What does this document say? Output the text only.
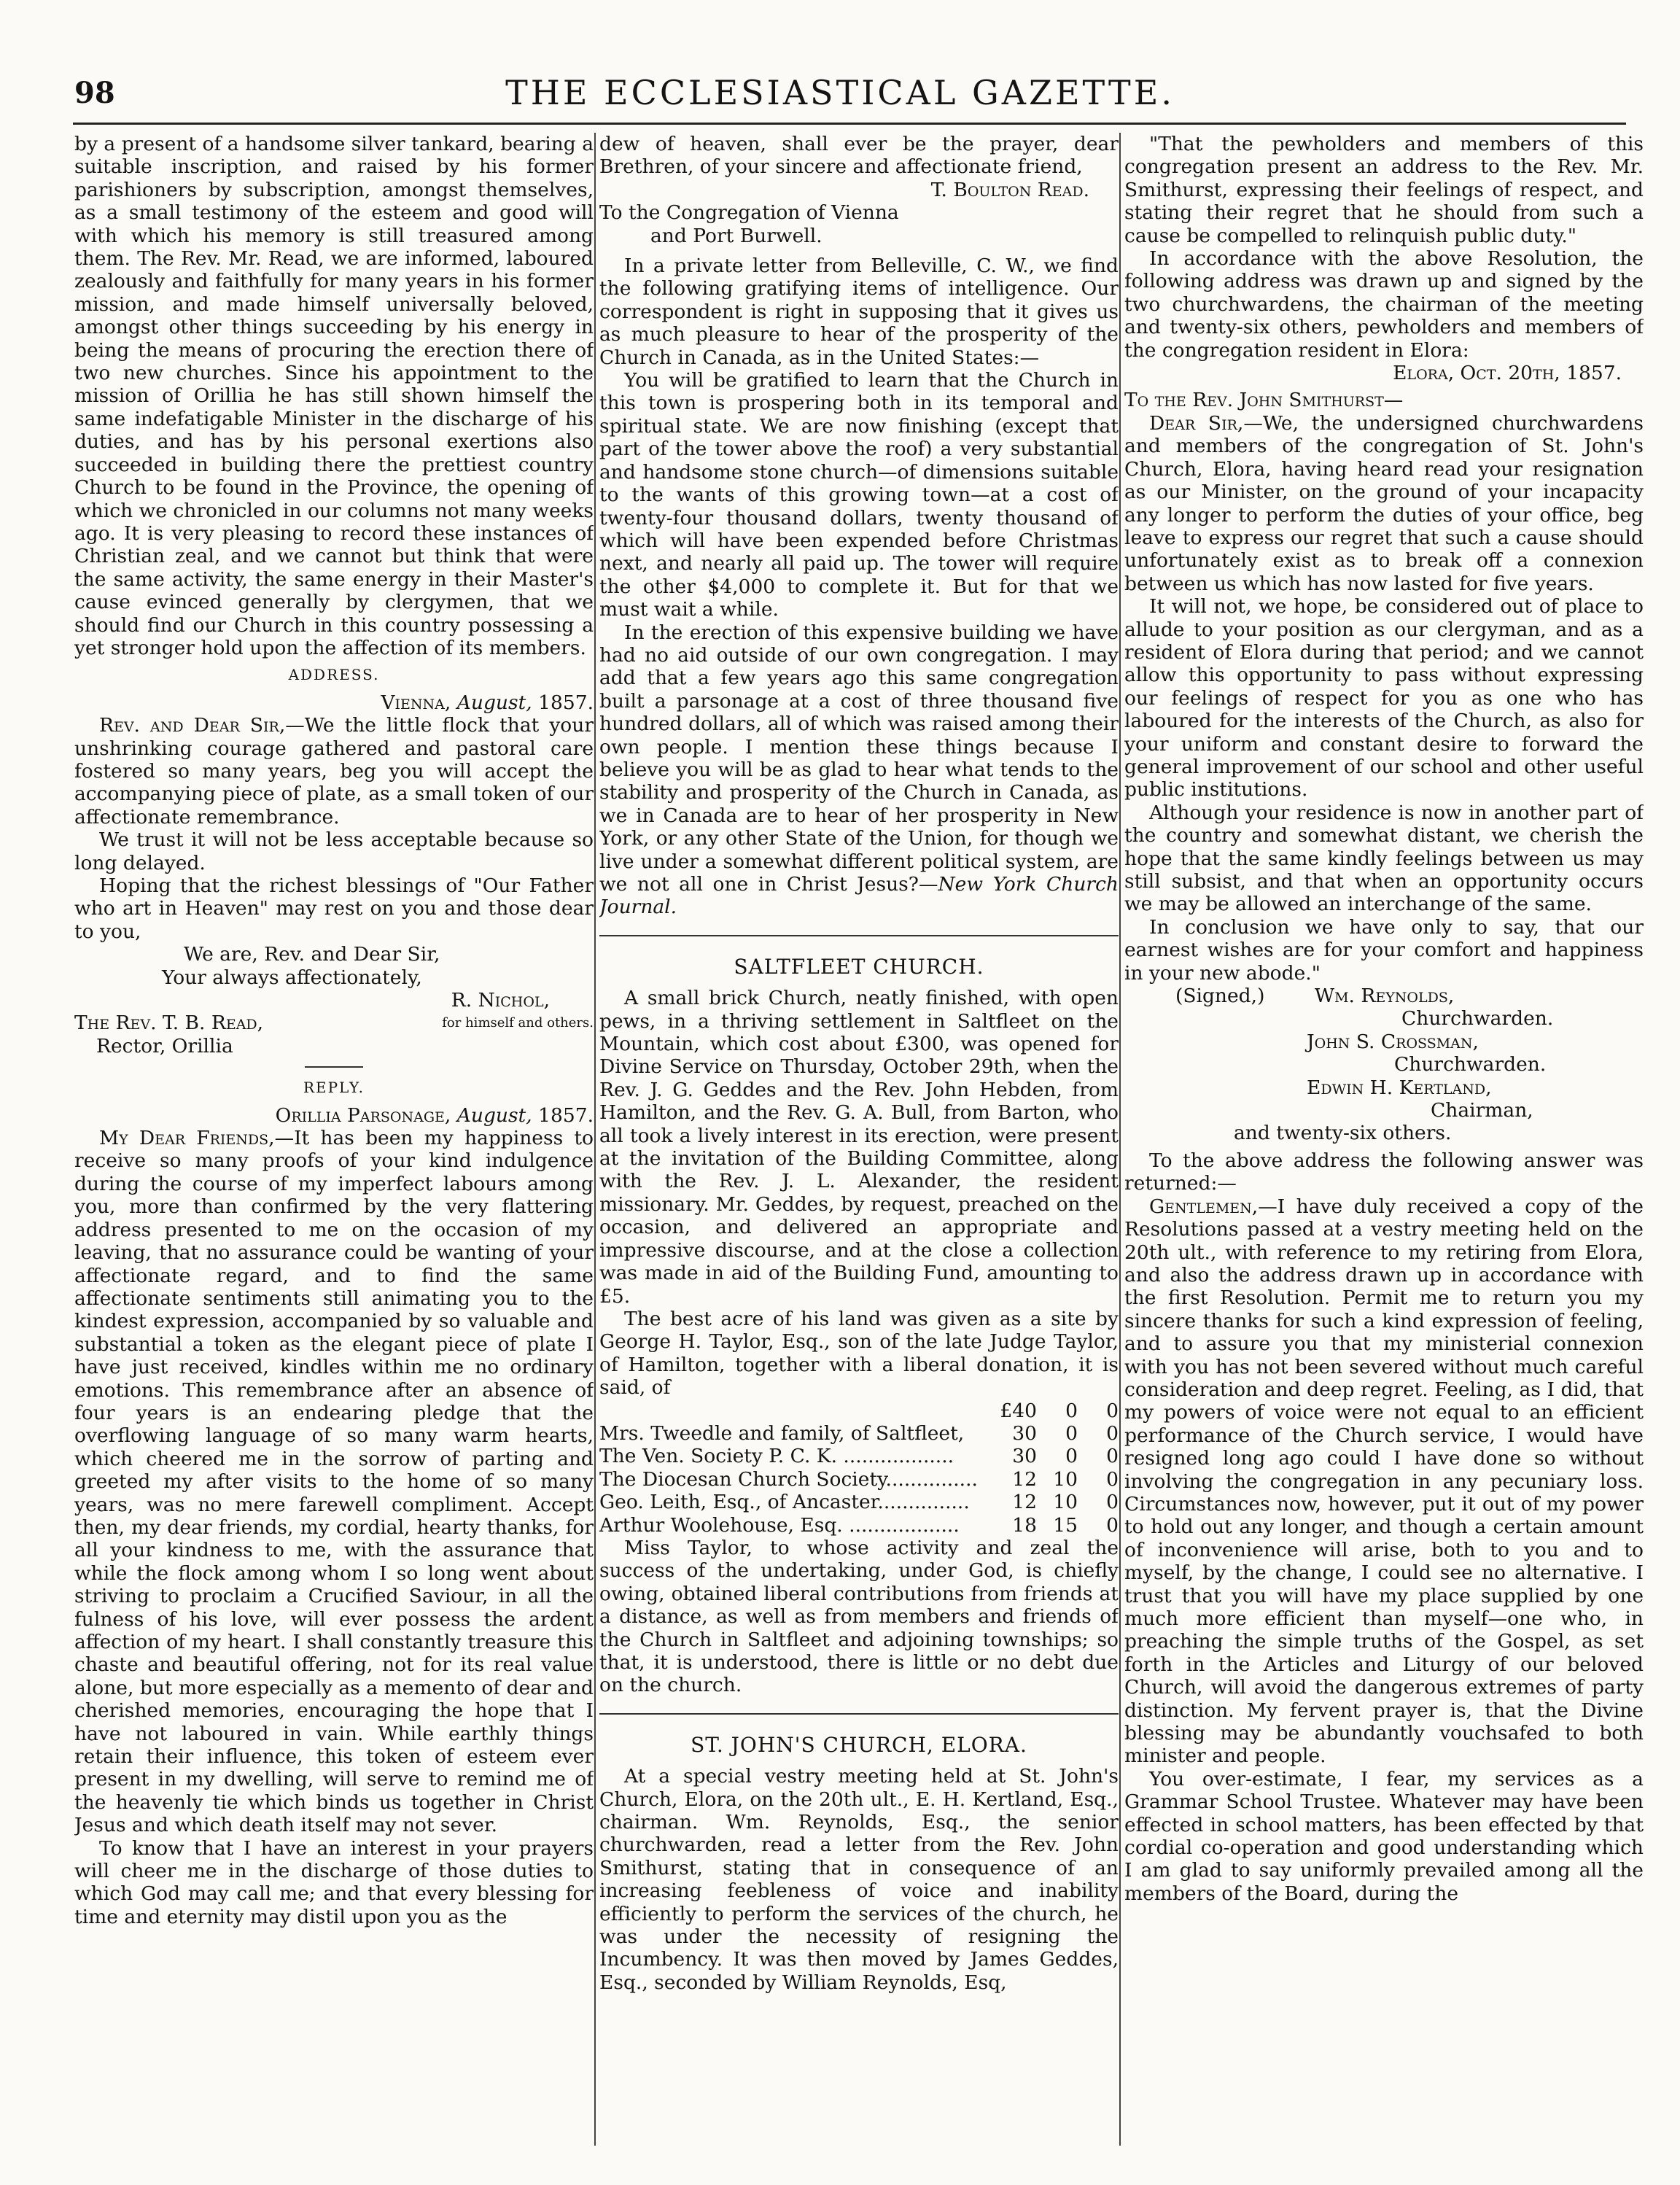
98	THE ECCLESIASTICAL GAZETTE.

by a present of a handsome silver tankard, bearing a suitable inscription, and raised by his former parishioners by subscription, amongst themselves, as a small testimony of the esteem and good will with which his memory is still treasured among them. The Rev. Mr. Read, we are informed, laboured zealously and faithfully for many years in his former mission, and made himself universally beloved, amongst other things succeeding by his energy in being the means of procuring the erection there of two new churches. Since his appointment to the mission of Orillia he has still shown himself the same indefatigable Minister in the discharge of his duties, and has by his personal exertions also succeeded in building there the prettiest country Church to be found in the Province, the opening of which we chronicled in our columns not many weeks ago. It is very pleasing to record these instances of Christian zeal, and we cannot but think that were the same activity, the same energy in their Master's cause evinced generally by clergymen, that we should find our Church in this country possessing a yet stronger hold upon the affection of its members.

ADDRESS.

Vienna, August, 1857.

Rev. and Dear Sir,—We the little flock that your unshrinking courage gathered and pastoral care fostered so many years, beg you will accept the accompanying piece of plate, as a small token of our affectionate remembrance.

We trust it will not be less acceptable because so long delayed.

Hoping that the richest blessings of "Our Father who art in Heaven" may rest on you and those dear to you,

We are, Rev. and Dear Sir,

Your always affectionately,

R. Nichol,

The Rev. T. B. Read,
Rector, Orillia
for himself and others.
REPLY.

Orillia Parsonage, August, 1857.

My Dear Friends,—It has been my happiness to receive so many proofs of your kind indulgence during the course of my imperfect labours among you, more than confirmed by the very flattering address presented to me on the occasion of my leaving, that no assurance could be wanting of your affectionate regard, and to find the same affectionate sentiments still animating you to the kindest expression, accompanied by so valuable and substantial a token as the elegant piece of plate I have just received, kindles within me no ordinary emotions. This remembrance after an absence of four years is an endearing pledge that the overflowing language of so many warm hearts, which cheered me in the sorrow of parting and greeted my after visits to the home of so many years, was no mere farewell compliment. Accept then, my dear friends, my cordial, hearty thanks, for all your kindness to me, with the assurance that while the flock among whom I so long went about striving to proclaim a Crucified Saviour, in all the fulness of his love, will ever possess the ardent affection of my heart. I shall constantly treasure this chaste and beautiful offering, not for its real value alone, but more especially as a memento of dear and cherished memories, encouraging the hope that I have not laboured in vain. While earthly things retain their influence, this token of esteem ever present in my dwelling, will serve to remind me of the heavenly tie which binds us together in Christ Jesus and which death itself may not sever.

To know that I have an interest in your prayers will cheer me in the discharge of those duties to which God may call me; and that every blessing for time and eternity may distil upon you as the

dew of heaven, shall ever be the prayer, dear Brethren, of your sincere and affectionate friend,

T. Boulton Read.

To the Congregation of Vienna

and Port Burwell.

In a private letter from Belleville, C. W., we find the following gratifying items of intelligence. Our correspondent is right in supposing that it gives us as much pleasure to hear of the prosperity of the Church in Canada, as in the United States:—

You will be gratified to learn that the Church in this town is prospering both in its temporal and spiritual state. We are now finishing (except that part of the tower above the roof) a very substantial and handsome stone church—of dimensions suitable to the wants of this growing town—at a cost of twenty-four thousand dollars, twenty thousand of which will have been expended before Christmas next, and nearly all paid up. The tower will require the other $4,000 to complete it. But for that we must wait a while.

In the erection of this expensive building we have had no aid outside of our own congregation. I may add that a few years ago this same congregation built a parsonage at a cost of three thousand five hundred dollars, all of which was raised among their own people. I mention these things because I believe you will be as glad to hear what tends to the stability and prosperity of the Church in Canada, as we in Canada are to hear of her prosperity in New York, or any other State of the Union, for though we live under a somewhat different political system, are we not all one in Christ Jesus?—New York Church Journal.

SALTFLEET CHURCH.

A small brick Church, neatly finished, with open pews, in a thriving settlement in Saltfleet on the Mountain, which cost about £300, was opened for Divine Service on Thursday, October 29th, when the Rev. J. G. Geddes and the Rev. John Hebden, from Hamilton, and the Rev. G. A. Bull, from Barton, who all took a lively interest in its erection, were present at the invitation of the Building Committee, along with the Rev. J. L. Alexander, the resident missionary. Mr. Geddes, by request, preached on the occasion, and delivered an appropriate and impressive discourse, and at the close a collection was made in aid of the Building Fund, amounting to £5.

The best acre of his land was given as a site by George H. Taylor, Esq., son of the late Judge Taylor, of Hamilton, together with a liberal donation, it is said, of

	£40	0	0
Mrs. Tweedle and family, of Saltfleet,	30	0	0
The Ven. Society P. C. K. ..................	30	0	0
The Diocesan Church Society...............	12	10	0
Geo. Leith, Esq., of Ancaster...............	12	10	0
Arthur Woolehouse, Esq. ..................	18	15	0

Miss Taylor, to whose activity and zeal the success of the undertaking, under God, is chiefly owing, obtained liberal contributions from friends at a distance, as well as from members and friends of the Church in Saltfleet and adjoining townships; so that, it is understood, there is little or no debt due on the church.

ST. JOHN'S CHURCH, ELORA.

At a special vestry meeting held at St. John's Church, Elora, on the 20th ult., E. H. Kertland, Esq., chairman. Wm. Reynolds, Esq., the senior churchwarden, read a letter from the Rev. John Smithurst, stating that in consequence of an increasing feebleness of voice and inability efficiently to perform the services of the church, he was under the necessity of resigning the Incumbency. It was then moved by James Geddes, Esq., seconded by William Reynolds, Esq,

"That the pewholders and members of this congregation present an address to the Rev. Mr. Smithurst, expressing their feelings of respect, and stating their regret that he should from such a cause be compelled to relinquish public duty."

In accordance with the above Resolution, the following address was drawn up and signed by the two churchwardens, the chairman of the meeting and twenty-six others, pewholders and members of the congregation resident in Elora:

Elora, Oct. 20th, 1857.

To the Rev. John Smithurst—

Dear Sir,—We, the undersigned churchwardens and members of the congregation of St. John's Church, Elora, having heard read your resignation as our Minister, on the ground of your incapacity any longer to perform the duties of your office, beg leave to express our regret that such a cause should unfortunately exist as to break off a connexion between us which has now lasted for five years.

It will not, we hope, be considered out of place to allude to your position as our clergyman, and as a resident of Elora during that period; and we cannot allow this opportunity to pass without expressing our feelings of respect for you as one who has laboured for the interests of the Church, as also for your uniform and constant desire to forward the general improvement of our school and other useful public institutions.

Although your residence is now in another part of the country and somewhat distant, we cherish the hope that the same kindly feelings between us may still subsist, and that when an opportunity occurs we may be allowed an interchange of the same.

In conclusion we have only to say, that our earnest wishes are for your comfort and happiness in your new abode."

(Signed,)	Wm. Reynolds,

Churchwarden.

John S. Crossman,

Churchwarden.

Edwin H. Kertland,

Chairman,

and twenty-six others.

To the above address the following answer was returned:—

Gentlemen,—I have duly received a copy of the Resolutions passed at a vestry meeting held on the 20th ult., with reference to my retiring from Elora, and also the address drawn up in accordance with the first Resolution. Permit me to return you my sincere thanks for such a kind expression of feeling, and to assure you that my ministerial connexion with you has not been severed without much careful consideration and deep regret. Feeling, as I did, that my powers of voice were not equal to an efficient performance of the Church service, I would have resigned long ago could I have done so without involving the congregation in any pecuniary loss. Circumstances now, however, put it out of my power to hold out any longer, and though a certain amount of inconvenience will arise, both to you and to myself, by the change, I could see no alternative. I trust that you will have my place supplied by one much more efficient than myself—one who, in preaching the simple truths of the Gospel, as set forth in the Articles and Liturgy of our beloved Church, will avoid the dangerous extremes of party distinction. My fervent prayer is, that the Divine blessing may be abundantly vouchsafed to both minister and people.

You over-estimate, I fear, my services as a Grammar School Trustee. Whatever may have been effected in school matters, has been effected by that cordial co-operation and good understanding which I am glad to say uniformly prevailed among all the members of the Board, during the
